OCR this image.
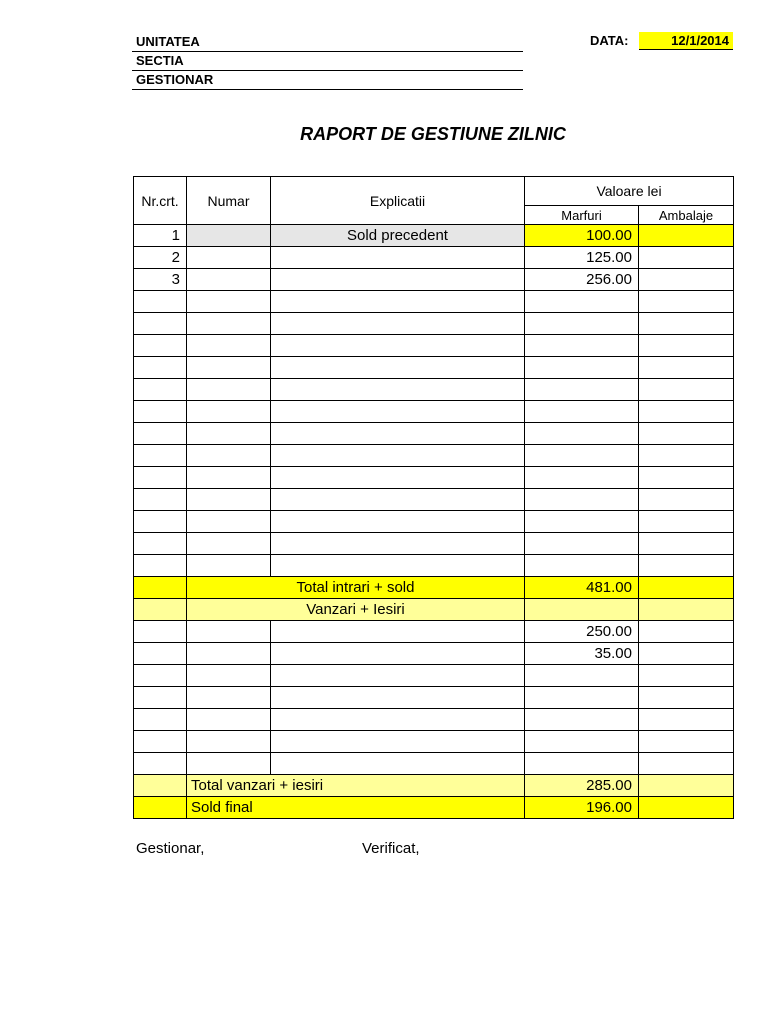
UNITATEA
SECTIA
GESTIONAR
DATA:	12/1/2014
RAPORT DE GESTIUNE ZILNIC
Nr.crt.	Numar	Explicatii	Valoare lei	
			Marfuri	Ambalaje
1		Sold precedent	100.00	
2			125.00	
3			256.00	

	Total intrari + sold		481.00	
	Vanzari + Iesiri			
			250.00	
			35.00	

	Total vanzari + iesiri		285.00	
	Sold final		196.00	
Gestionar,	Verificat,
